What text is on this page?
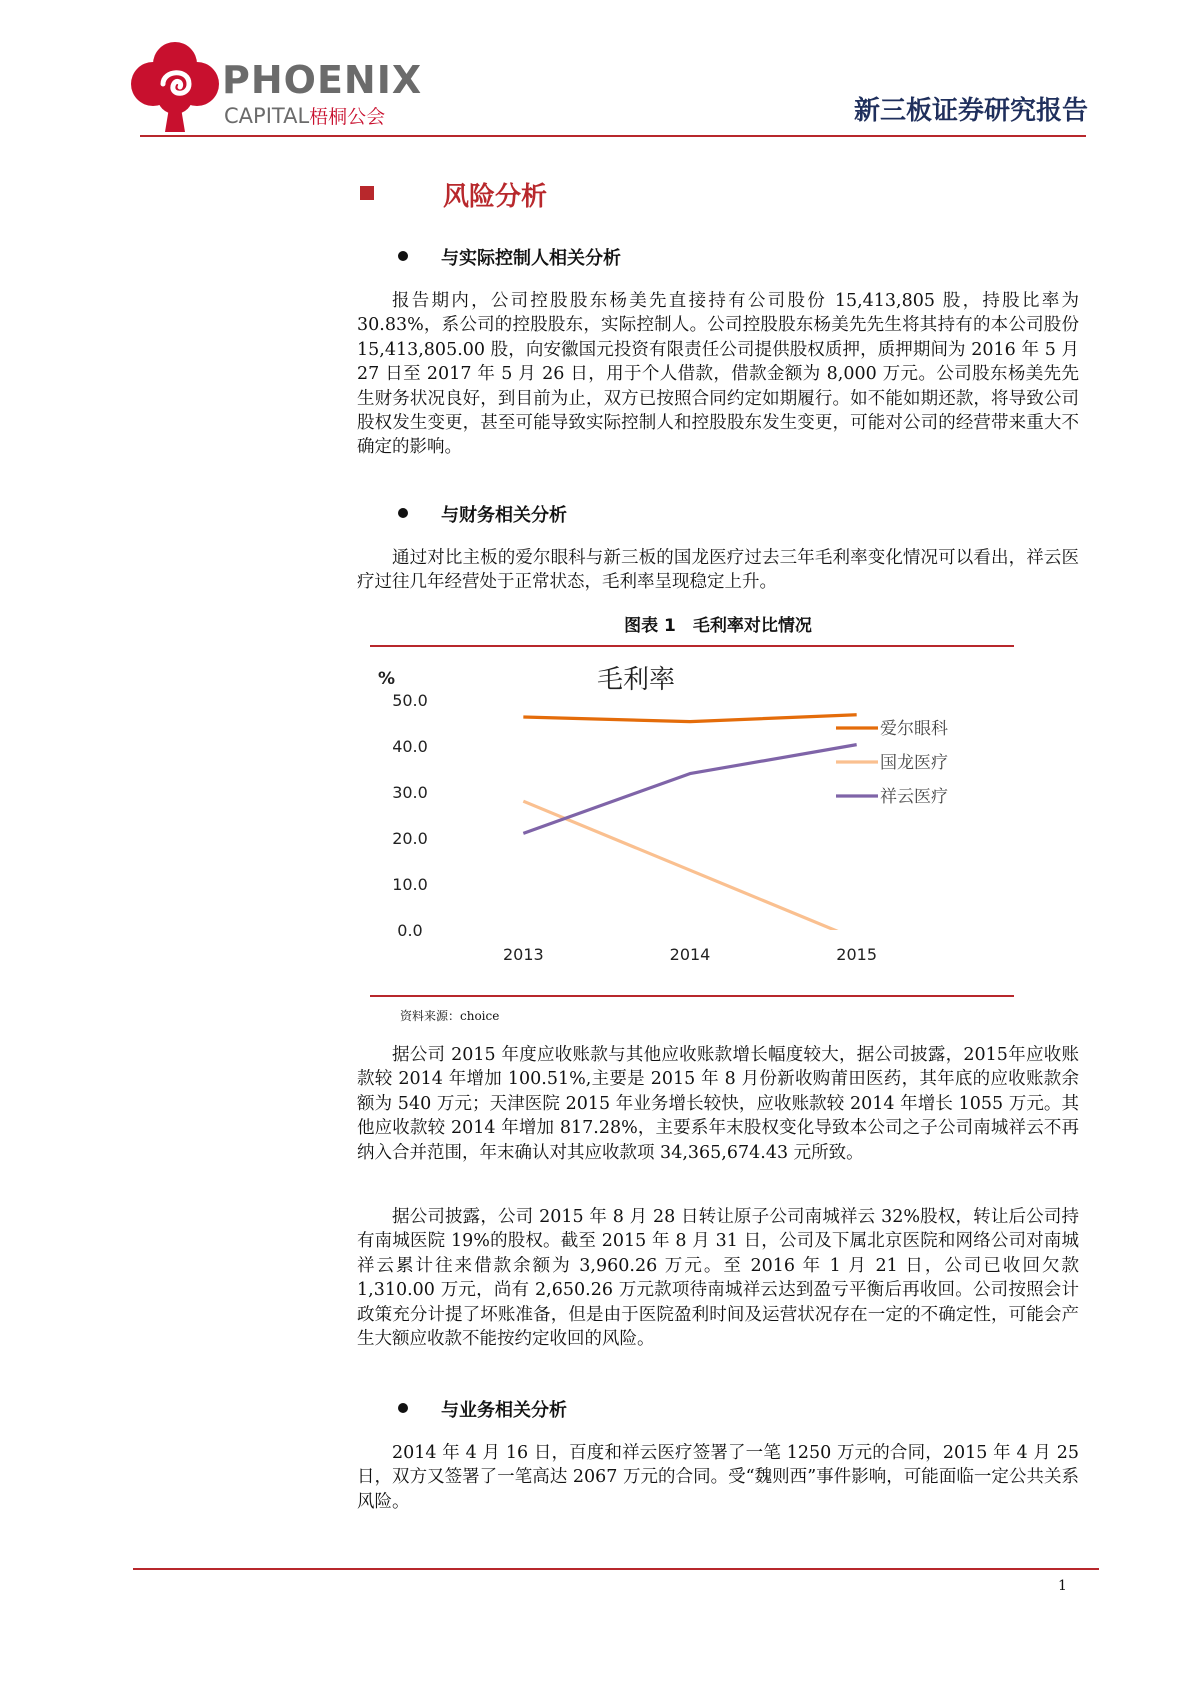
PHOENIX
CAPITAL梧桐公会	新三板证券研究报告
风险分析
与实际控制人相关分析

报告期内，公司控股股东杨美先直接持有公司股份 15,413,805 股，持股比率为 30.83%，系公司的控股股东，实际控制人。公司控股股东杨美先先生将其持有的本公司股份 15,413,805.00 股，向安徽国元投资有限责任公司提供股权质押，质押期间为 2016 年 5 月 27 日至 2017 年 5 月 26 日，用于个人借款，借款金额为 8,000 万元。公司股东杨美先先生财务状况良好，到目前为止，双方已按照合同约定如期履行。如不能如期还款，将导致公司股权发生变更，甚至可能导致实际控制人和控股股东发生变更，可能对公司的经营带来重大不确定的影响。

与财务相关分析

通过对比主板的爱尔眼科与新三板的国龙医疗过去三年毛利率变化情况可以看出，祥云医疗过往几年经营处于正常状态，毛利率呈现稳定上升。

图表 1　毛利率对比情况
毛利率
%
0.0
10.0
20.0
30.0
40.0
50.0
2013	2014	2015
爱尔眼科
国龙医疗
祥云医疗
资料来源：choice

据公司 2015 年度应收账款与其他应收账款增长幅度较大，据公司披露，2015年应收账款较 2014 年增加 100.51%,主要是 2015 年 8 月份新收购莆田医药，其年底的应收账款余额为 540 万元；天津医院 2015 年业务增长较快，应收账款较 2014 年增长 1055 万元。其他应收款较 2014 年增加 817.28%，主要系年末股权变化导致本公司之子公司南城祥云不再纳入合并范围，年末确认对其应收款项 34,365,674.43 元所致。

据公司披露，公司 2015 年 8 月 28 日转让原子公司南城祥云 32%股权，转让后公司持有南城医院 19%的股权。截至 2015 年 8 月 31 日，公司及下属北京医院和网络公司对南城祥云累计往来借款余额为 3,960.26 万元。至 2016 年 1 月 21 日，公司已收回欠款 1,310.00 万元，尚有 2,650.26 万元款项待南城祥云达到盈亏平衡后再收回。公司按照会计政策充分计提了坏账准备，但是由于医院盈利时间及运营状况存在一定的不确定性，可能会产生大额应收款不能按约定收回的风险。

与业务相关分析

2014 年 4 月 16 日，百度和祥云医疗签署了一笔 1250 万元的合同，2015 年 4 月 25 日，双方又签署了一笔高达 2067 万元的合同。受“魏则西”事件影响，可能面临一定公共关系风险。

1
